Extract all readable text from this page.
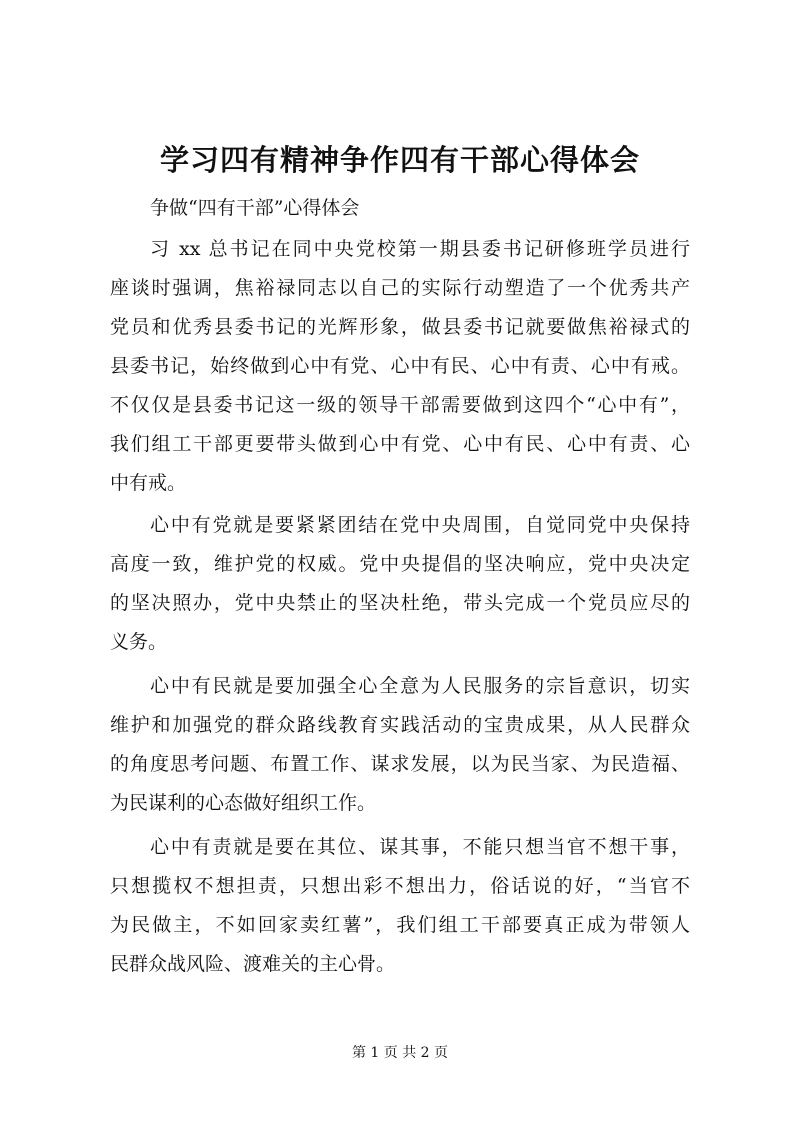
学习四有精神争作四有干部心得体会
争做“四有干部”心得体会
习 xx 总书记在同中央党校第一期县委书记研修班学员进行
座谈时强调，焦裕禄同志以自己的实际行动塑造了一个优秀共产
党员和优秀县委书记的光辉形象，做县委书记就要做焦裕禄式的
县委书记，始终做到心中有党、心中有民、心中有责、心中有戒。
不仅仅是县委书记这一级的领导干部需要做到这四个“心中有”，
我们组工干部更要带头做到心中有党、心中有民、心中有责、心
中有戒。
心中有党就是要紧紧团结在党中央周围，自觉同党中央保持
高度一致，维护党的权威。党中央提倡的坚决响应，党中央决定
的坚决照办，党中央禁止的坚决杜绝，带头完成一个党员应尽的
义务。
心中有民就是要加强全心全意为人民服务的宗旨意识，切实
维护和加强党的群众路线教育实践活动的宝贵成果，从人民群众
的角度思考问题、布置工作、谋求发展，以为民当家、为民造福、
为民谋利的心态做好组织工作。
心中有责就是要在其位、谋其事，不能只想当官不想干事，
只想揽权不想担责，只想出彩不想出力，俗话说的好，“当官不
为民做主，不如回家卖红薯”，我们组工干部要真正成为带领人
民群众战风险、渡难关的主心骨。
第 1 页 共 2 页
